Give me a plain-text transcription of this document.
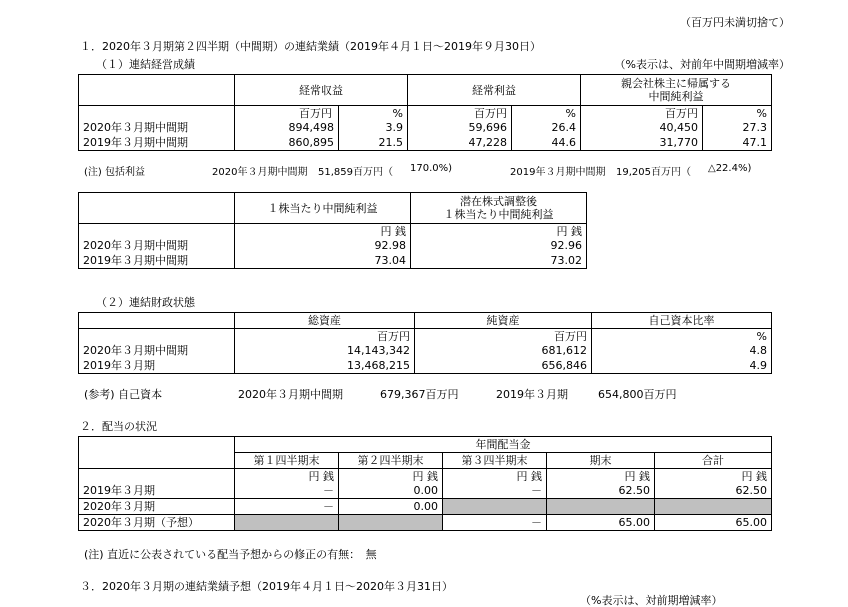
（百万円未満切捨て）
１．2020年３月期第２四半期（中間期）の連結業績（2019年４月１日～2019年９月30日）
（１）連結経営成績	（%表示は、対前年中間期増減率）
	経常収益		経常利益		親会社株主に帰属する
中間純利益	

	百万円	%	百万円	%	百万円	%
2020年３月期中間期	894,498	3.9	59,696	26.4	40,450	27.3
2019年３月期中間期	860,895	21.5	47,228	44.6	31,770	47.1
(注) 包括利益	2020年３月期中間期 51,859百万円（ 170.0%)	2019年３月期中間期 19,205百万円（ △22.4%)
	１株当たり中間純利益	潜在株式調整後
１株当たり中間純利益

	円 銭	円 銭
2020年３月期中間期	92.98	92.96
2019年３月期中間期	73.04	73.02
（２）連結財政状態
	総資産	純資産	自己資本比率
	百万円	百万円	%
2020年３月期中間期	14,143,342	681,612	4.8
2019年３月期	13,468,215	656,846	4.9
(参考) 自己資本	2020年３月期中間期	679,367百万円	2019年３月期	654,800百万円
２．配当の状況
	年間配当金				
	第１四半期末	第２四半期末	第３四半期末	期末	合計
	円 銭	円 銭	円 銭	円 銭	円 銭
2019年３月期	－	0.00	－	62.50	62.50
2020年３月期	－	0.00			
2020年３月期（予想）			－	65.00	65.00
(注) 直近に公表されている配当予想からの修正の有無：　無
３．2020年３月期の連結業績予想（2019年４月１日～2020年３月31日）
（%表示は、対前期増減率）
